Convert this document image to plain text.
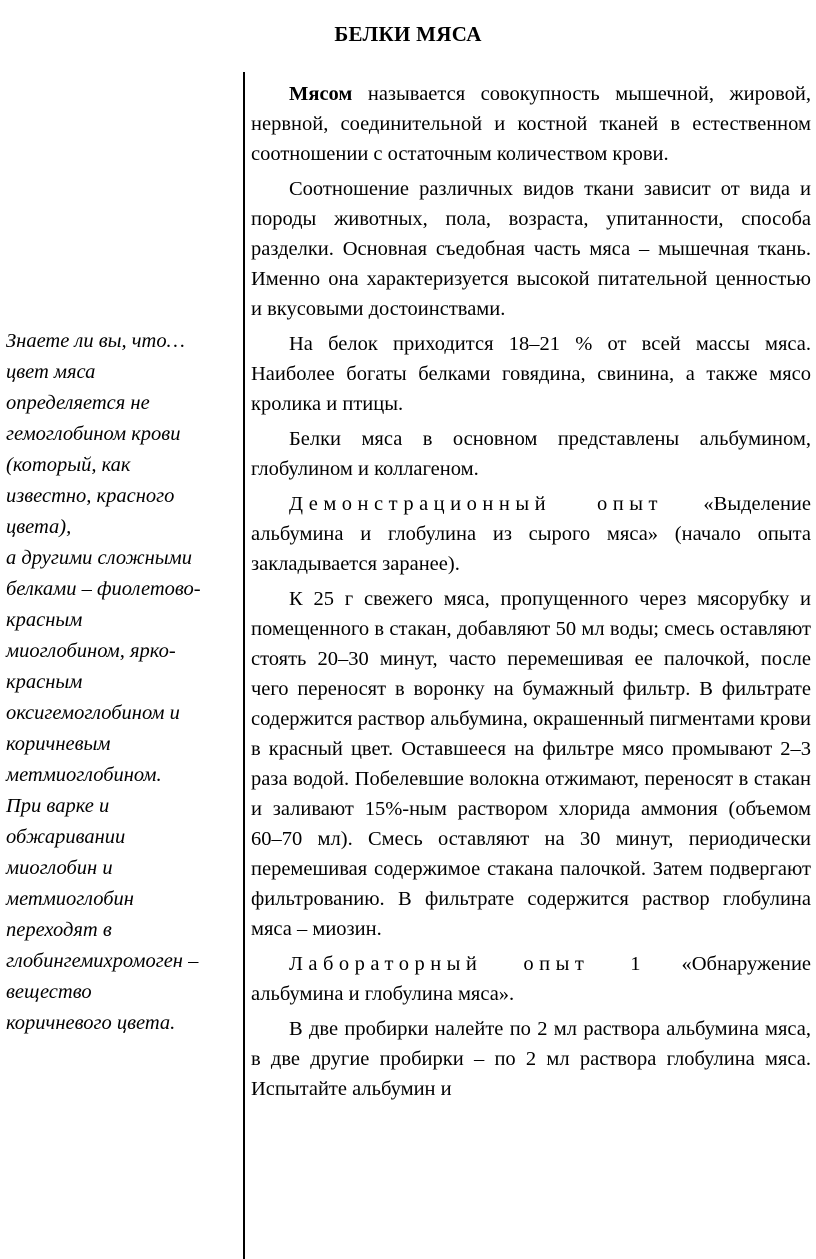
БЕЛКИ МЯСА
Знаете ли вы, что…
цвет мяса
определяется не
гемоглобином крови
(который, как
известно, красного
цвета),
а другими сложными
белками – фиолетово-
красным
миоглобином, ярко-
красным
оксигемоглобином и
коричневым
метмиоглобином.
При варке и
обжаривании
миоглобин и
метмиоглобин
переходят в
глобингемихромоген –
вещество
коричневого цвета.

Мясом называется совокупность мышечной, жировой, нервной, соединительной и костной тканей в естественном соотношении с остаточным количеством крови.

Соотношение различных видов ткани зависит от вида и породы животных, пола, возраста, упитанности, способа разделки. Основная съедобная часть мяса – мышечная ткань. Именно она характеризуется высокой питательной ценностью и вкусовыми достоинствами.

На белок приходится 18–21 % от всей массы мяса. Наиболее богаты белками говядина, свинина, а также мясо кролика и птицы.

Белки мяса в основном представлены альбумином, глобулином и коллагеном.

Демонстрационный опыт «Выделение альбумина и глобулина из сырого мяса» (начало опыта закладывается заранее).

К 25 г свежего мяса, пропущенного через мясорубку и помещенного в стакан, добавляют 50 мл воды; смесь оставляют стоять 20–30 минут, часто перемешивая ее палочкой, после чего переносят в воронку на бумажный фильтр. В фильтрате содержится раствор альбумина, окрашенный пигментами крови в красный цвет. Оставшееся на фильтре мясо промывают 2–3 раза водой. Побелевшие волокна отжимают, переносят в стакан и заливают 15%-ным раствором хлорида аммония (объемом 60–70 мл). Смесь оставляют на 30 минут, периодически перемешивая содержимое стакана палочкой. Затем подвергают фильтрованию. В фильтрате содержится раствор глобулина мяса – миозин.

Лабораторный опыт 1 «Обнаружение альбумина и глобулина мяса».

В две пробирки налейте по 2 мл раствора альбумина мяса, в две другие пробирки – по 2 мл раствора глобулина мяса. Испытайте альбумин и
